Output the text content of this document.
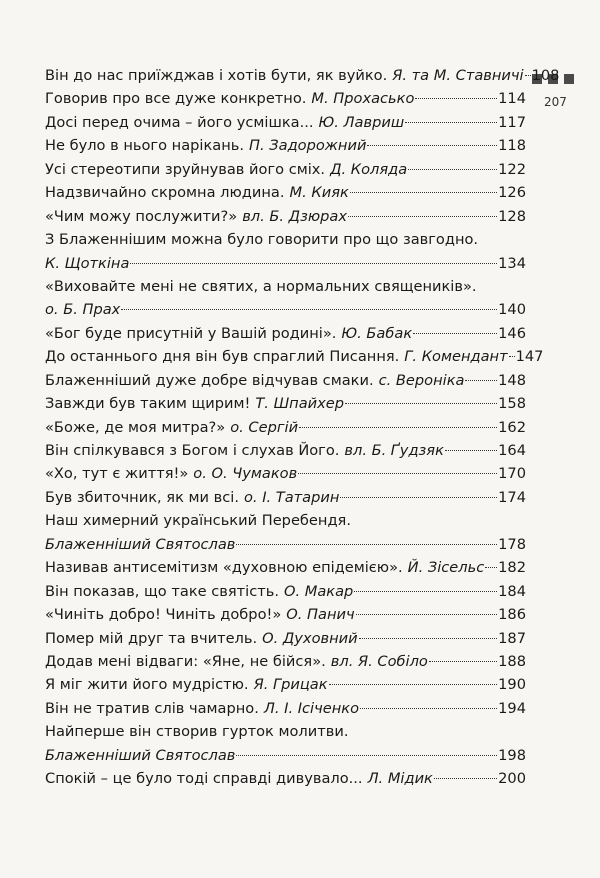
207
Він до нас приїжджав і хотів бути, як вуйко. Я. та М. Ставничі 108
Говорив про все дуже конкретно. М. Прохасько	114
Досі перед очима – його усмішка... Ю. Лавриш	117
Не було в нього нарікань. П. Задорожний	118
Усі стереотипи зруйнував його сміх. Д. Коляда	122
Надзвичайно скромна людина. М. Кияк	126
«Чим можу послужити?» вл. Б. Дзюрах	128
З Блаженнішим можна було говорити про що завгодно.
К. Щоткіна	134
«Виховайте мені не святих, а нормальних священиків».
о. Б. Прах	140
«Бог буде присутній у Вашій родині». Ю. Бабак	146
До останнього дня він був спраглий Писання. Г. Комендант 147
Блаженніший дуже добре відчував смаки. с. Вероніка 148
Завжди був таким щирим! Т. Шпайхер	158
«Боже, де моя митра?» о. Сергій	162
Він спілкувався з Богом і слухав Його. вл. Б. Ґудзяк	164
«Хо, тут є життя!» о. О. Чумаков	170
Був збиточник, як ми всі. о. І. Татарин	174
Наш химерний український Перебендя.
Блаженніший Святослав	178
Називав антисемітизм «духовною епідемією». Й. Зісельс 182
Він показав, що таке святість. О. Макар	184
«Чиніть добро! Чиніть добро!» О. Панич	186
Помер мій друг та вчитель. О. Духовний	187
Додав мені відваги: «Яне, не бійся». вл. Я. Собіло	188
Я міг жити його мудрістю. Я. Грицак	190
Він не тратив слів чамарно. Л. І. Ісіченко	194
Найперше він створив гурток молитви.
Блаженніший Святослав	198
Спокій – це було тоді справді дивувало... Л. Мідик	200
